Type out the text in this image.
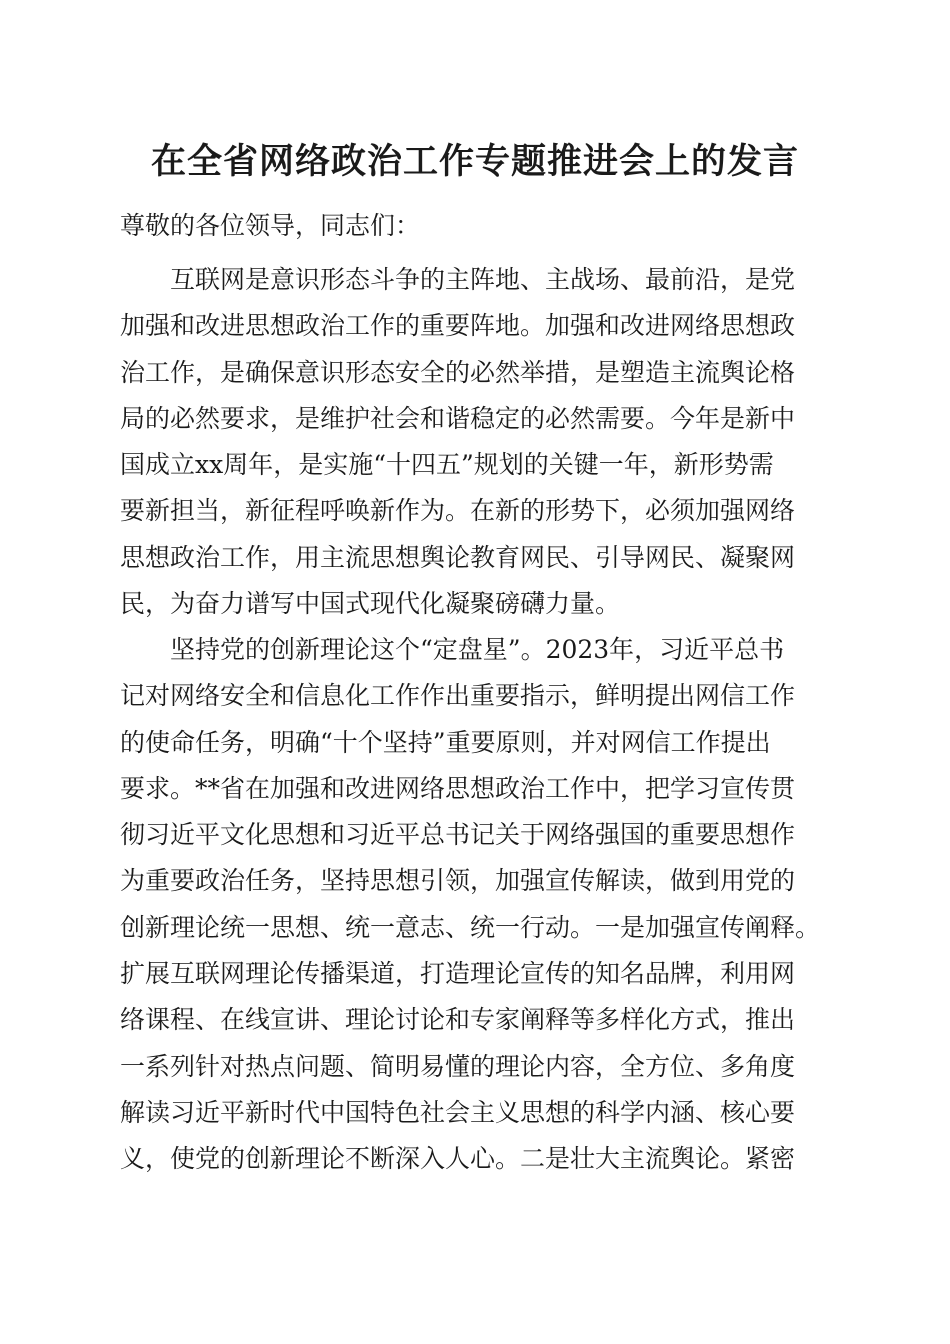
在全省网络政治工作专题推进会上的发言
尊敬的各位领导，同志们：
互联网是意识形态斗争的主阵地、主战场、最前沿，是党
加强和改进思想政治工作的重要阵地。加强和改进网络思想政
治工作，是确保意识形态安全的必然举措，是塑造主流舆论格
局的必然要求，是维护社会和谐稳定的必然需要。今年是新中
国成立xx周年，是实施“十四五”规划的关键一年，新形势需
要新担当，新征程呼唤新作为。在新的形势下，必须加强网络
思想政治工作，用主流思想舆论教育网民、引导网民、凝聚网
民，为奋力谱写中国式现代化凝聚磅礴力量。
坚持党的创新理论这个“定盘星”。2023年，习近平总书
记对网络安全和信息化工作作出重要指示，鲜明提出网信工作
的使命任务，明确“十个坚持”重要原则，并对网信工作提出
要求。**省在加强和改进网络思想政治工作中，把学习宣传贯
彻习近平文化思想和习近平总书记关于网络强国的重要思想作
为重要政治任务，坚持思想引领，加强宣传解读，做到用党的
创新理论统一思想、统一意志、统一行动。一是加强宣传阐释。
扩展互联网理论传播渠道，打造理论宣传的知名品牌，利用网
络课程、在线宣讲、理论讨论和专家阐释等多样化方式，推出
一系列针对热点问题、简明易懂的理论内容，全方位、多角度
解读习近平新时代中国特色社会主义思想的科学内涵、核心要
义，使党的创新理论不断深入人心。二是壮大主流舆论。紧密
